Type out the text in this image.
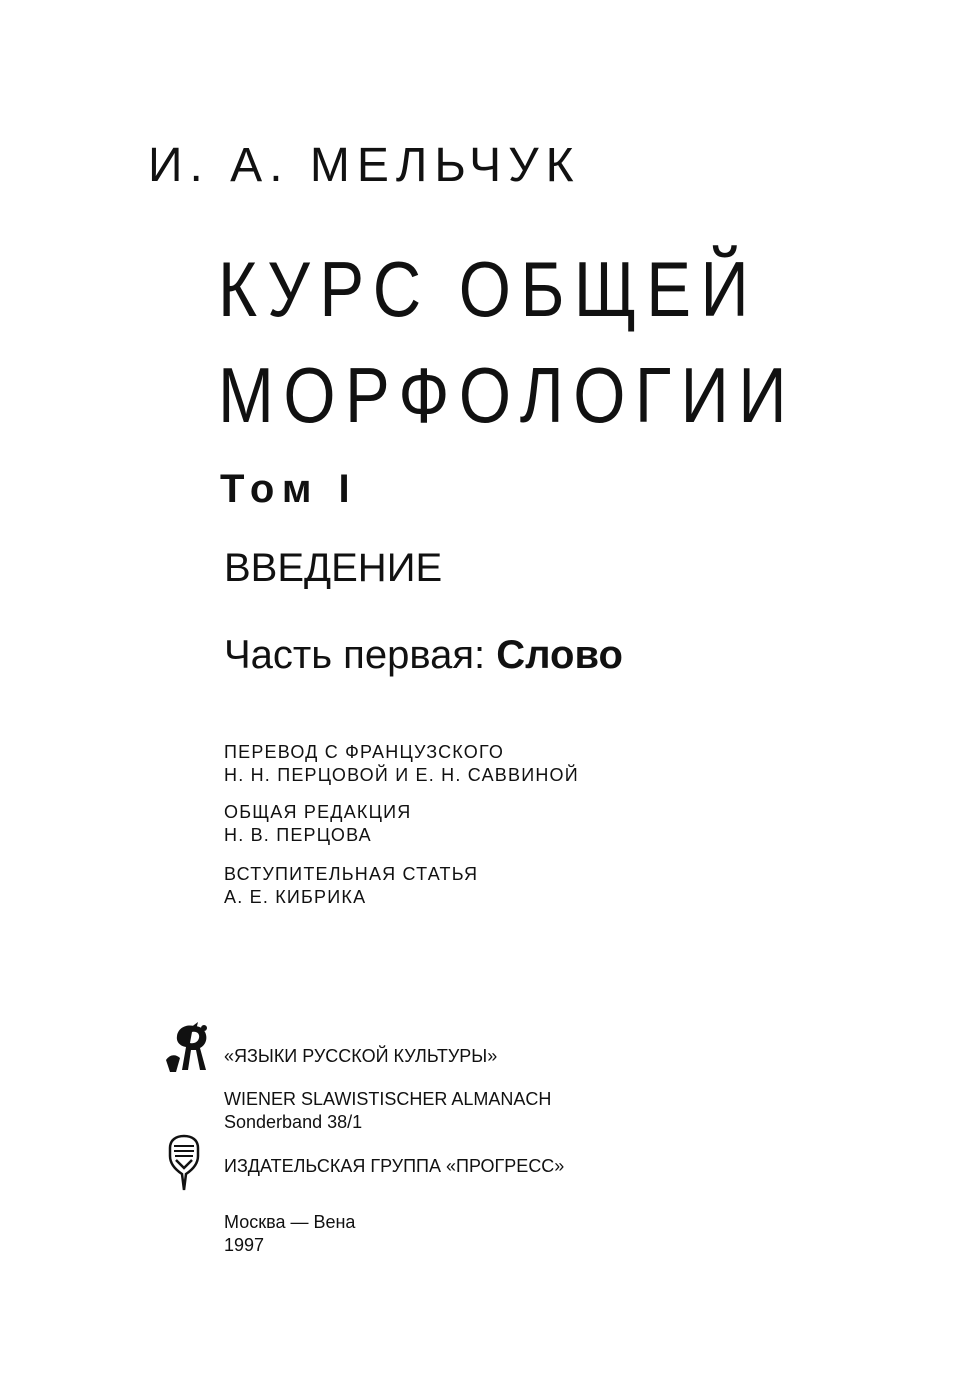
И. А. МЕЛЬЧУК
КУРС ОБЩЕЙ
МОРФОЛОГИИ
Том I
ВВЕДЕНИЕ
Часть первая: Слово
ПЕРЕВОД С ФРАНЦУЗСКОГО
Н. Н. ПЕРЦОВОЙ И Е. Н. САВВИНОЙ
ОБЩАЯ РЕДАКЦИЯ
Н. В. ПЕРЦОВА
ВСТУПИТЕЛЬНАЯ СТАТЬЯ
А. Е. КИБРИКА
«ЯЗЫКИ РУССКОЙ КУЛЬТУРЫ»
WIENER SLAWISTISCHER ALMANACH
Sonderband 38/1
ИЗДАТЕЛЬСКАЯ ГРУППА «ПРОГРЕСС»
Москва — Вена
1997
